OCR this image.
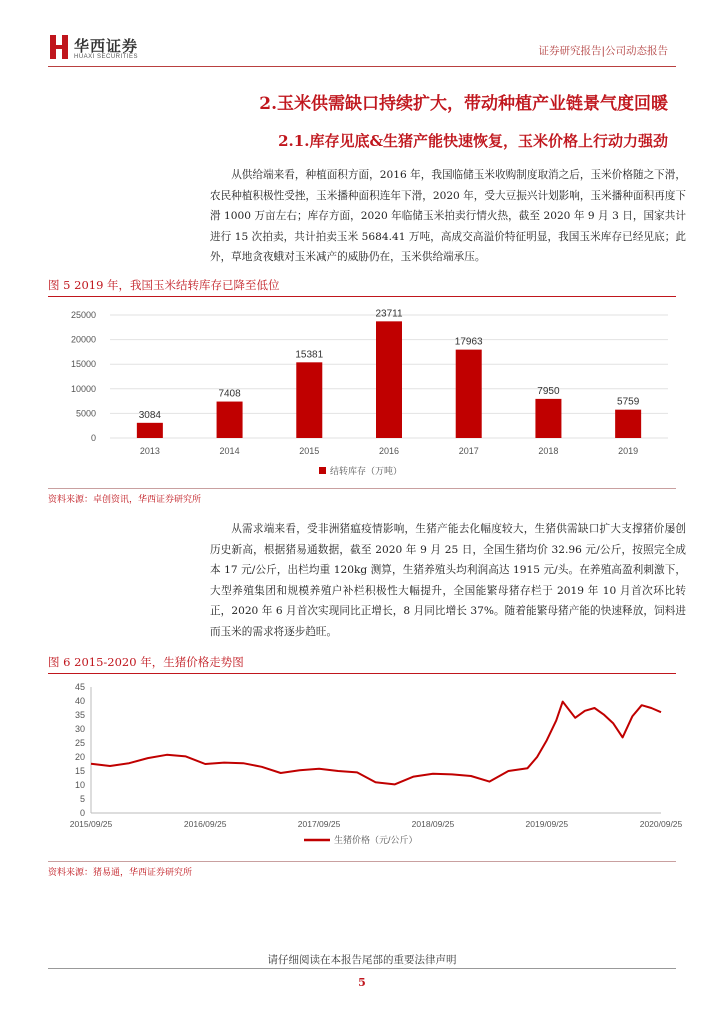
华西证券
HUAXI SECURITIES	证券研究报告|公司动态报告
2.玉米供需缺口持续扩大，带动种植产业链景气度回暖
2.1.库存见底&生猪产能快速恢复，玉米价格上行动力强劲

从供给端来看，种植面积方面，2016 年，我国临储玉米收购制度取消之后，玉米价格随之下滑，农民种植积极性受挫，玉米播种面积连年下滑，2020 年，受大豆振兴计划影响，玉米播种面积再度下滑 1000 万亩左右；库存方面，2020 年临储玉米拍卖行情火热，截至 2020 年 9 月 3 日，国家共计进行 15 次拍卖，共计拍卖玉米 5684.41 万吨，高成交高溢价特征明显，我国玉米库存已经见底；此外，草地贪夜蛾对玉米减产的威胁仍在，玉米供给端承压。

图 5 2019 年，我国玉米结转库存已降至低位
0
5000
10000
15000
20000
25000
3084
7408
15381
23711
17963
7950
5759
2013	2014	2015	2016	2017	2018	2019
结转库存（万吨）
资料来源：卓创资讯，华西证券研究所

从需求端来看，受非洲猪瘟疫情影响，生猪产能去化幅度较大，生猪供需缺口扩大支撑猪价屡创历史新高，根据猪易通数据，截至 2020 年 9 月 25 日，全国生猪均价 32.96 元/公斤，按照完全成本 17 元/公斤，出栏均重 120kg 测算，生猪养殖头均利润高达 1915 元/头。在养殖高盈利刺激下，大型养殖集团和规模养殖户补栏积极性大幅提升，全国能繁母猪存栏于 2019 年 10 月首次环比转正，2020 年 6 月首次实现同比正增长，8 月同比增长 37%。随着能繁母猪产能的快速释放，饲料进而玉米的需求将逐步趋旺。

图 6 2015-2020 年，生猪价格走势图
0
5
10
15
20
25
30
35
40
45
2015/09/25	2016/09/25	2017/09/25	2018/09/25	2019/09/25	2020/09/25
生猪价格（元/公斤）
资料来源：猪易通，华西证券研究所
请仔细阅读在本报告尾部的重要法律声明
5
